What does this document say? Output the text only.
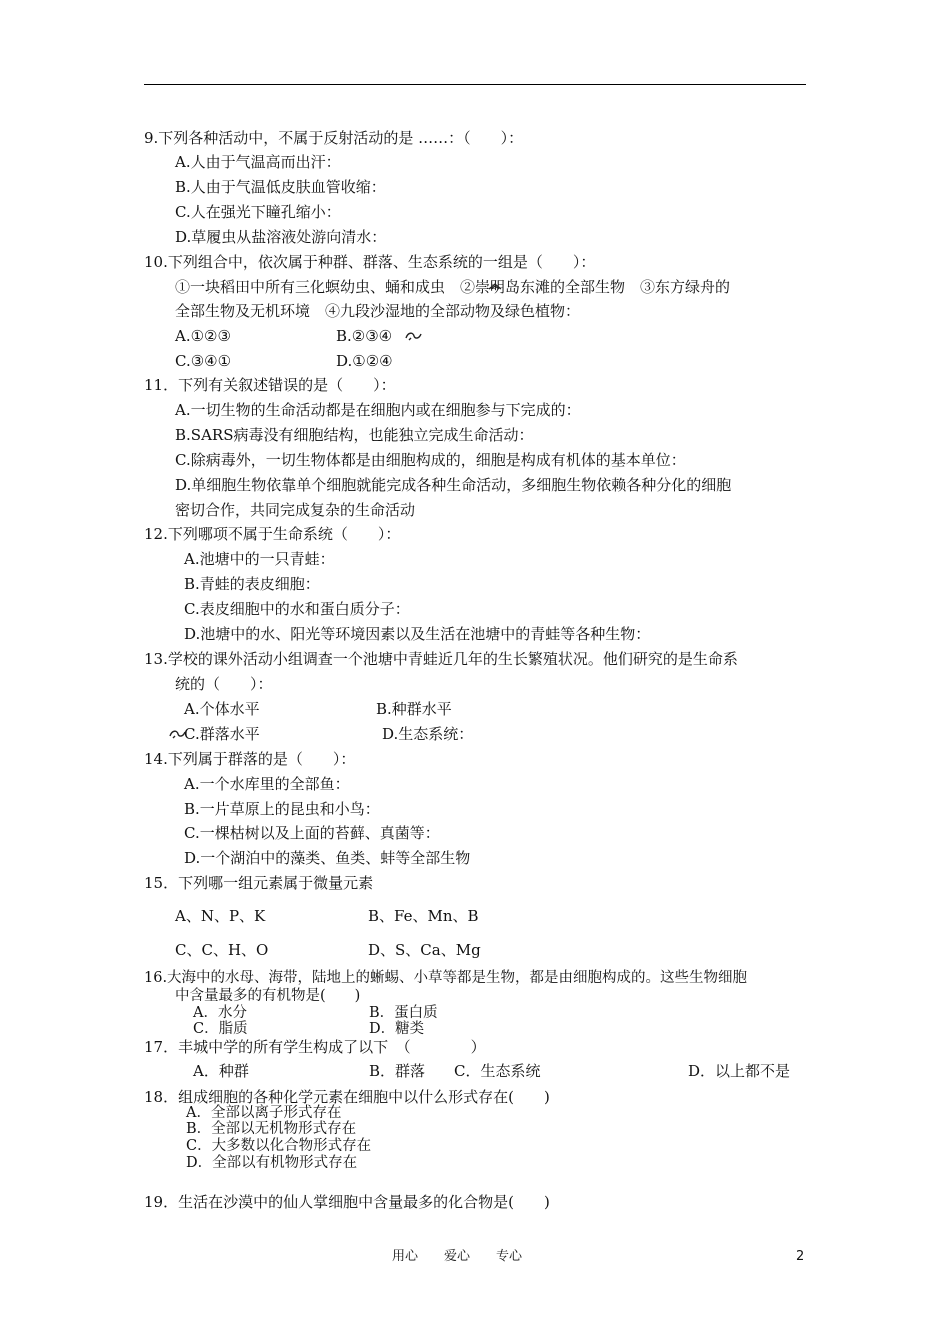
9.下列各种活动中，不属于反射活动的是 ……：（　　）：
A.人由于气温高而出汗：
B.人由于气温低皮肤血管收缩：
C.人在强光下瞳孔缩小：
D.草履虫从盐溶液处游向清水：
10.下列组合中，依次属于种群、群落、生态系统的一组是（　　）：
①一块稻田中所有三化螟幼虫、蛹和成虫　②崇明岛东滩的全部生物　③东方绿舟的
全部生物及无机环境　④九段沙湿地的全部动物及绿色植物：
A.①②③	B.②③④
C.③④①	D.①②④
11．下列有关叙述错误的是（　　）：
A.一切生物的生命活动都是在细胞内或在细胞参与下完成的：
B.SARS病毒没有细胞结构，也能独立完成生命活动：
C.除病毒外，一切生物体都是由细胞构成的，细胞是构成有机体的基本单位：
D.单细胞生物依靠单个细胞就能完成各种生命活动，多细胞生物依赖各种分化的细胞
密切合作，共同完成复杂的生命活动
12.下列哪项不属于生命系统（　　）：
A.池塘中的一只青蛙：
B.青蛙的表皮细胞：
C.表皮细胞中的水和蛋白质分子：
D.池塘中的水、阳光等环境因素以及生活在池塘中的青蛙等各种生物：
13.学校的课外活动小组调查一个池塘中青蛙近几年的生长繁殖状况。他们研究的是生命系
统的（　　）：
A.个体水平	B.种群水平
C.群落水平	D.生态系统：
14.下列属于群落的是（　　）：
A.一个水库里的全部鱼：
B.一片草原上的昆虫和小鸟：
C.一棵枯树以及上面的苔藓、真菌等：
D.一个湖泊中的藻类、鱼类、蚌等全部生物
15．下列哪一组元素属于微量元素
A、N、P、K	B、Fe、Mn、B
C、C、H、O	D、S、Ca、Mg
16.大海中的水母、海带，陆地上的蜥蜴、小草等都是生物，都是由细胞构成的。这些生物细胞
中含量最多的有机物是(　　)
A．水分	B．蛋白质
C．脂质	D．糖类
17．丰城中学的所有学生构成了以下　（　　　　）
A．种群	B．群落 C．生态系统	D．以上都不是
18．组成细胞的各种化学元素在细胞中以什么形式存在(　　)
A．全部以离子形式存在
B．全部以无机物形式存在
C．大多数以化合物形式存在
D．全部以有机物形式存在
19．生活在沙漠中的仙人掌细胞中含量最多的化合物是(　　)
用心　　爱心　　专心	2
